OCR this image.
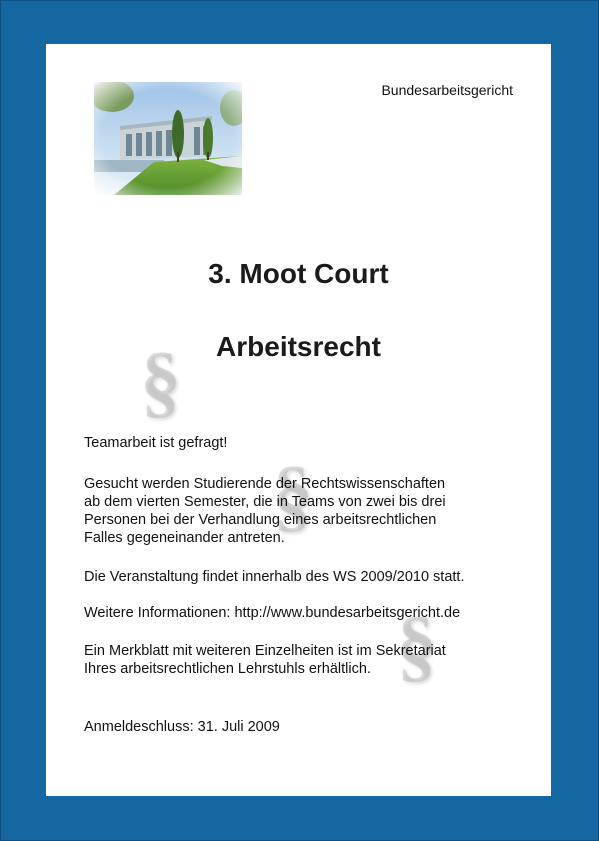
§
§
§
Bundesarbeitsgericht
3. Moot Court
Arbeitsrecht

Teamarbeit ist gefragt!

Gesucht werden Studierende der Rechtswissenschaften
ab dem vierten Semester, die in Teams von zwei bis drei
Personen bei der Verhandlung eines arbeitsrechtlichen
Falles gegeneinander antreten.

Die Veranstaltung findet innerhalb des WS 2009/2010 statt.

Weitere Informationen: http://www.bundesarbeitsgericht.de

Ein Merkblatt mit weiteren Einzelheiten ist im Sekretariat
Ihres arbeitsrechtlichen Lehrstuhls erhältlich.

Anmeldeschluss: 31. Juli 2009
